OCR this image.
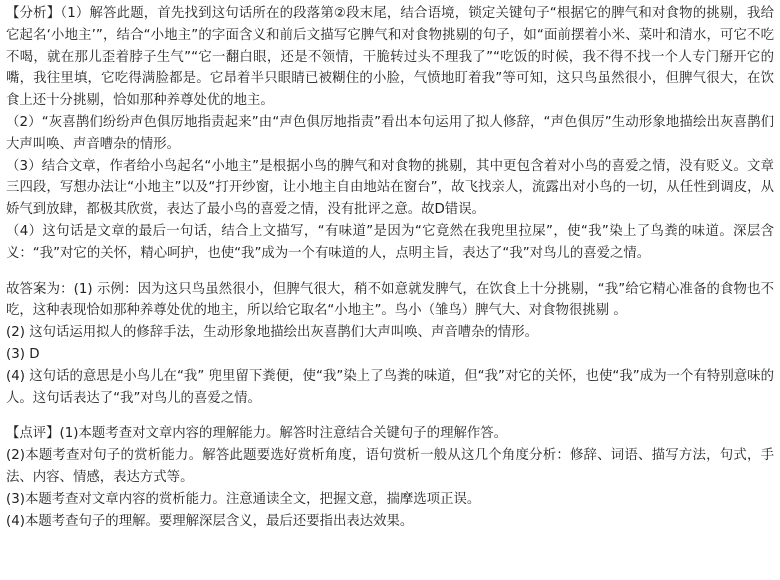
【分析】（1）解答此题，首先找到这句话所在的段落第②段末尾，结合语境，锁定关键句子“根据它的脾气和对食物的挑剔，我给它起名‘小地主’”，结合“小地主”的字面含义和前后文描写它脾气和对食物挑剔的句子，如“面前摆着小米、菜叶和清水，可它不吃不喝，就在那儿歪着脖子生气”“它一翻白眼，还是不领情，干脆转过头不理我了”“吃饭的时候，我不得不找一个人专门掰开它的嘴，我往里填，它吃得满脸都是。它昂着半只眼睛已被糊住的小脸，气愤地盯着我”等可知，这只鸟虽然很小，但脾气很大，在饮食上还十分挑剔，恰如那种养尊处优的地主。

（2）“灰喜鹊们纷纷声色俱厉地指责起来”由“声色俱厉地指责”看出本句运用了拟人修辞，“声色俱厉”生动形象地描绘出灰喜鹊们大声叫唤、声音嘈杂的情形。

（3）结合文章，作者给小鸟起名“小地主”是根据小鸟的脾气和对食物的挑剔，其中更包含着对小鸟的喜爱之情，没有贬义。文章三四段，写想办法让“小地主”以及“打开纱窗，让小地主自由地站在窗台”，故飞找亲人，流露出对小鸟的一切，从任性到调皮，从娇气到放肆，都极其欣赏，表达了最小鸟的喜爱之情，没有批评之意。故D错误。

（4）这句话是文章的最后一句话，结合上文描写，“有味道”是因为“它竟然在我兜里拉屎”，使“我”染上了鸟粪的味道。深层含义：“我”对它的关怀，精心呵护，也使“我”成为一个有味道的人，点明主旨，表达了“我”对鸟儿的喜爱之情。

故答案为：(1) 示例：因为这只鸟虽然很小，但脾气很大，稍不如意就发脾气，在饮食上十分挑剔，“我”给它精心准备的食物也不吃，这种表现恰如那种养尊处优的地主，所以给它取名“小地主”。鸟小（雏鸟）脾气大、对食物很挑剔 。

(2) 这句话运用拟人的修辞手法，生动形象地描绘出灰喜鹊们大声叫唤、声音嘈杂的情形。

(3) D

(4) 这句话的意思是小鸟儿在“我” 兜里留下粪便，使“我”染上了鸟粪的味道，但“我”对它的关怀，也使“我”成为一个有特别意味的人。这句话表达了“我”对鸟儿的喜爱之情。

【点评】(1)本题考查对文章内容的理解能力。解答时注意结合关键句子的理解作答。

(2)本题考查对句子的赏析能力。解答此题要选好赏析角度，语句赏析一般从这几个角度分析：修辞、词语、描写方法，句式，手法、内容、情感，表达方式等。

(3)本题考查对文章内容的赏析能力。注意通读全文，把握文意，揣摩选项正误。

(4)本题考查句子的理解。要理解深层含义，最后还要指出表达效果。
